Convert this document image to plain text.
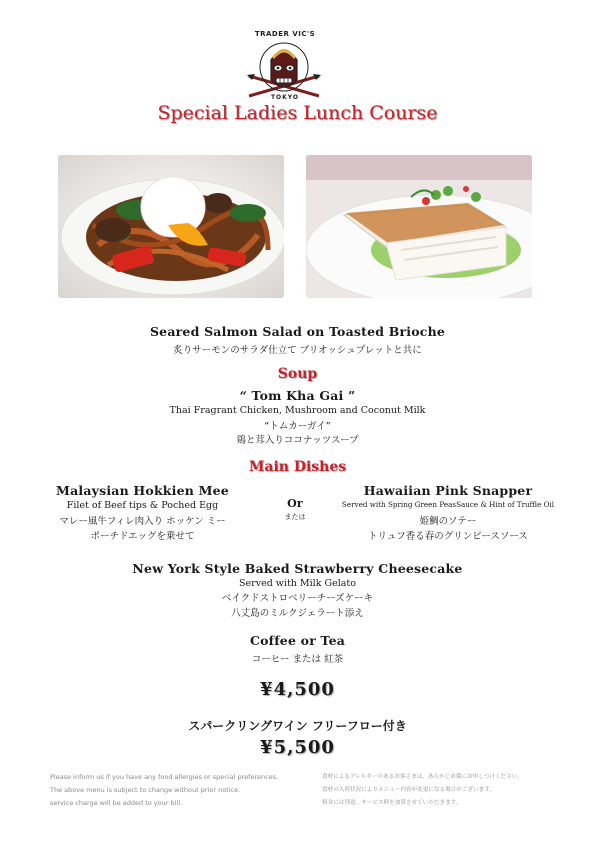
TRADER VIC'S
TOKYO
Special Ladies Lunch Course
Seared Salmon Salad on Toasted Brioche
炙りサーモンのサラダ仕立て ブリオッシュプレットと共に
Soup
“ Tom Kha Gai ”
Thai Fragrant Chicken, Mushroom and Coconut Milk
“トムカーガイ”
鶏と茸入りココナッツスープ
Main Dishes
Malaysian Hokkien Mee
Filet of Beef tips & Poched Egg
マレー風牛フィレ肉入り ホッケン ミー
ポーチドエッグを乗せて
Or
または
Hawaiian Pink Snapper
Served with Spring Green PeasSauce & Hint of Truffle Oil
姫鯛のソテー
トリュフ香る春のグリンピースソース
New York Style Baked Strawberry Cheesecake
Served with Milk Gelato
ベイクドストロベリーチーズケーキ
八丈島のミルクジェラート添え
Coffee or Tea
コーヒー または 紅茶
¥4,500
スパークリングワイン フリーフロー付き
¥5,500
Please inform us if you have any food allergies or special preferences.
The above menu is subject to change without prior notice.
service charge will be added to your bill.
食材によるアレルギーのあるお客さまは、あらかじめ係にお申しつけください。
食材の入荷状況によりメニュー内容が変更になる場合がございます。
料金には別途、サービス料を加算させていただきます。
